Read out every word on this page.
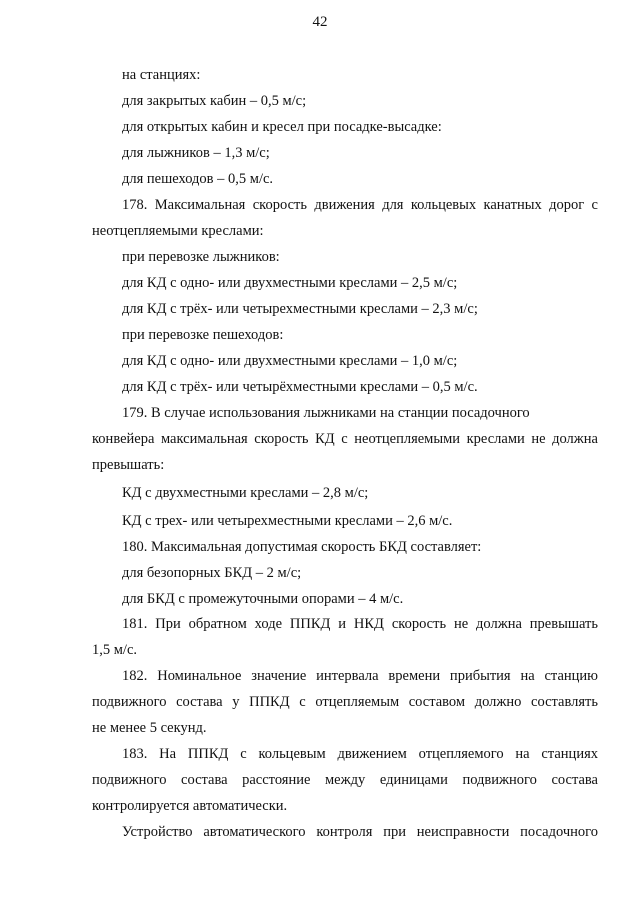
42
на станциях:
для закрытых кабин – 0,5 м/с;
для открытых кабин и кресел при посадке-высадке:
для лыжников – 1,3 м/с;
для пешеходов – 0,5 м/с.
178. Максимальная скорость движения для кольцевых канатных дорог с
неотцепляемыми креслами:
при перевозке лыжников:
для КД с одно- или двухместными креслами – 2,5 м/с;
для КД с трёх- или четырехместными креслами – 2,3 м/с;
при перевозке пешеходов:
для КД с одно- или двухместными креслами – 1,0 м/с;
для КД с трёх- или четырёхместными креслами – 0,5 м/с.
179. В случае использования лыжниками на станции посадочного
конвейера максимальная скорость КД с неотцепляемыми креслами не должна
превышать:
КД с двухместными креслами – 2,8 м/с;
КД с трех- или четырехместными креслами – 2,6 м/с.
180. Максимальная допустимая скорость БКД составляет:
для безопорных БКД – 2 м/с;
для БКД с промежуточными опорами – 4 м/с.
181. При обратном ходе ППКД и НКД скорость не должна превышать
1,5 м/с.
182. Номинальное значение интервала времени прибытия на станцию
подвижного состава у ППКД с отцепляемым составом должно составлять
не менее 5 секунд.
183. На ППКД с кольцевым движением отцепляемого на станциях
подвижного состава расстояние между единицами подвижного состава
контролируется автоматически.
Устройство автоматического контроля при неисправности посадочного
